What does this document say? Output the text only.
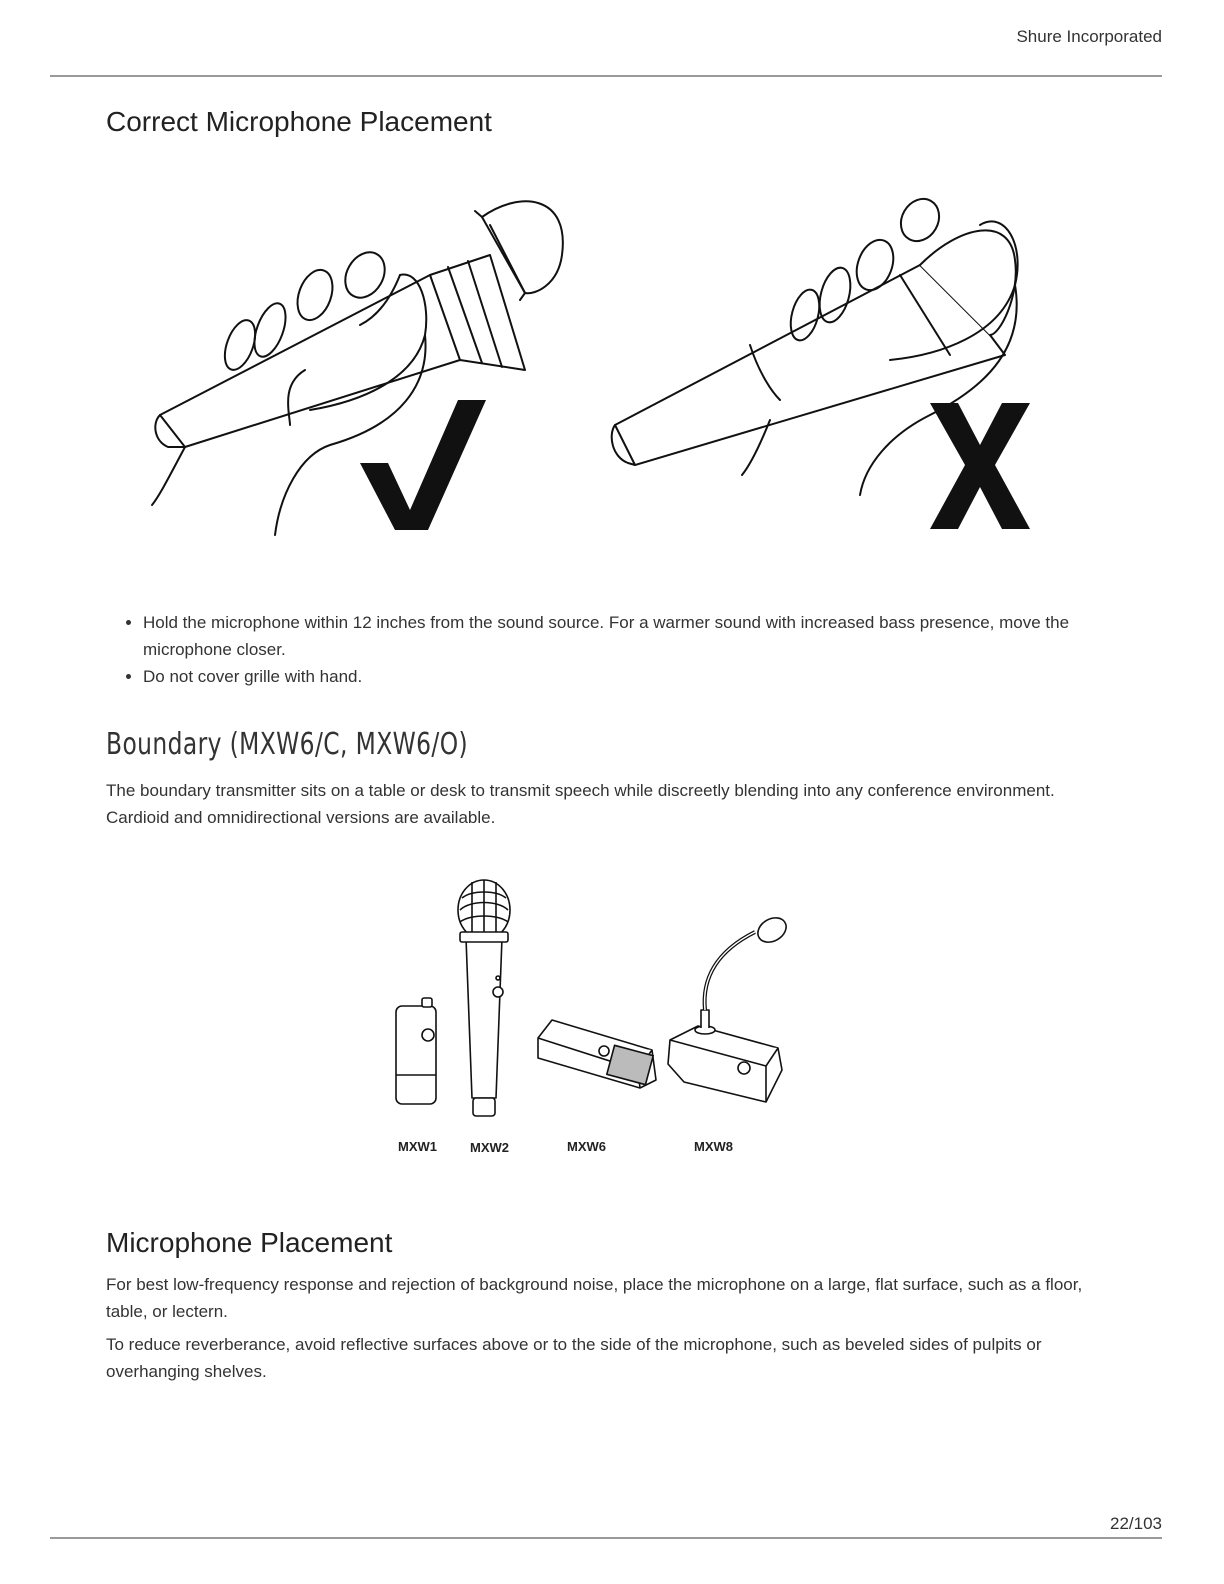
Shure Incorporated
Correct Microphone Placement
• Hold the microphone within 12 inches from the sound source. For a warmer sound with increased bass presence, move the microphone closer.
• Do not cover grille with hand.
Boundary (MXW6/C, MXW6/O)

The boundary transmitter sits on a table or desk to transmit speech while discreetly blending into any conference environment. Cardioid and omnidirectional versions are available.

MXW1	MXW2	MXW6	MXW8
Microphone Placement

For best low-frequency response and rejection of background noise, place the microphone on a large, flat surface, such as a floor, table, or lectern.

To reduce reverberance, avoid reflective surfaces above or to the side of the microphone, such as beveled sides of pulpits or overhanging shelves.

22/103
